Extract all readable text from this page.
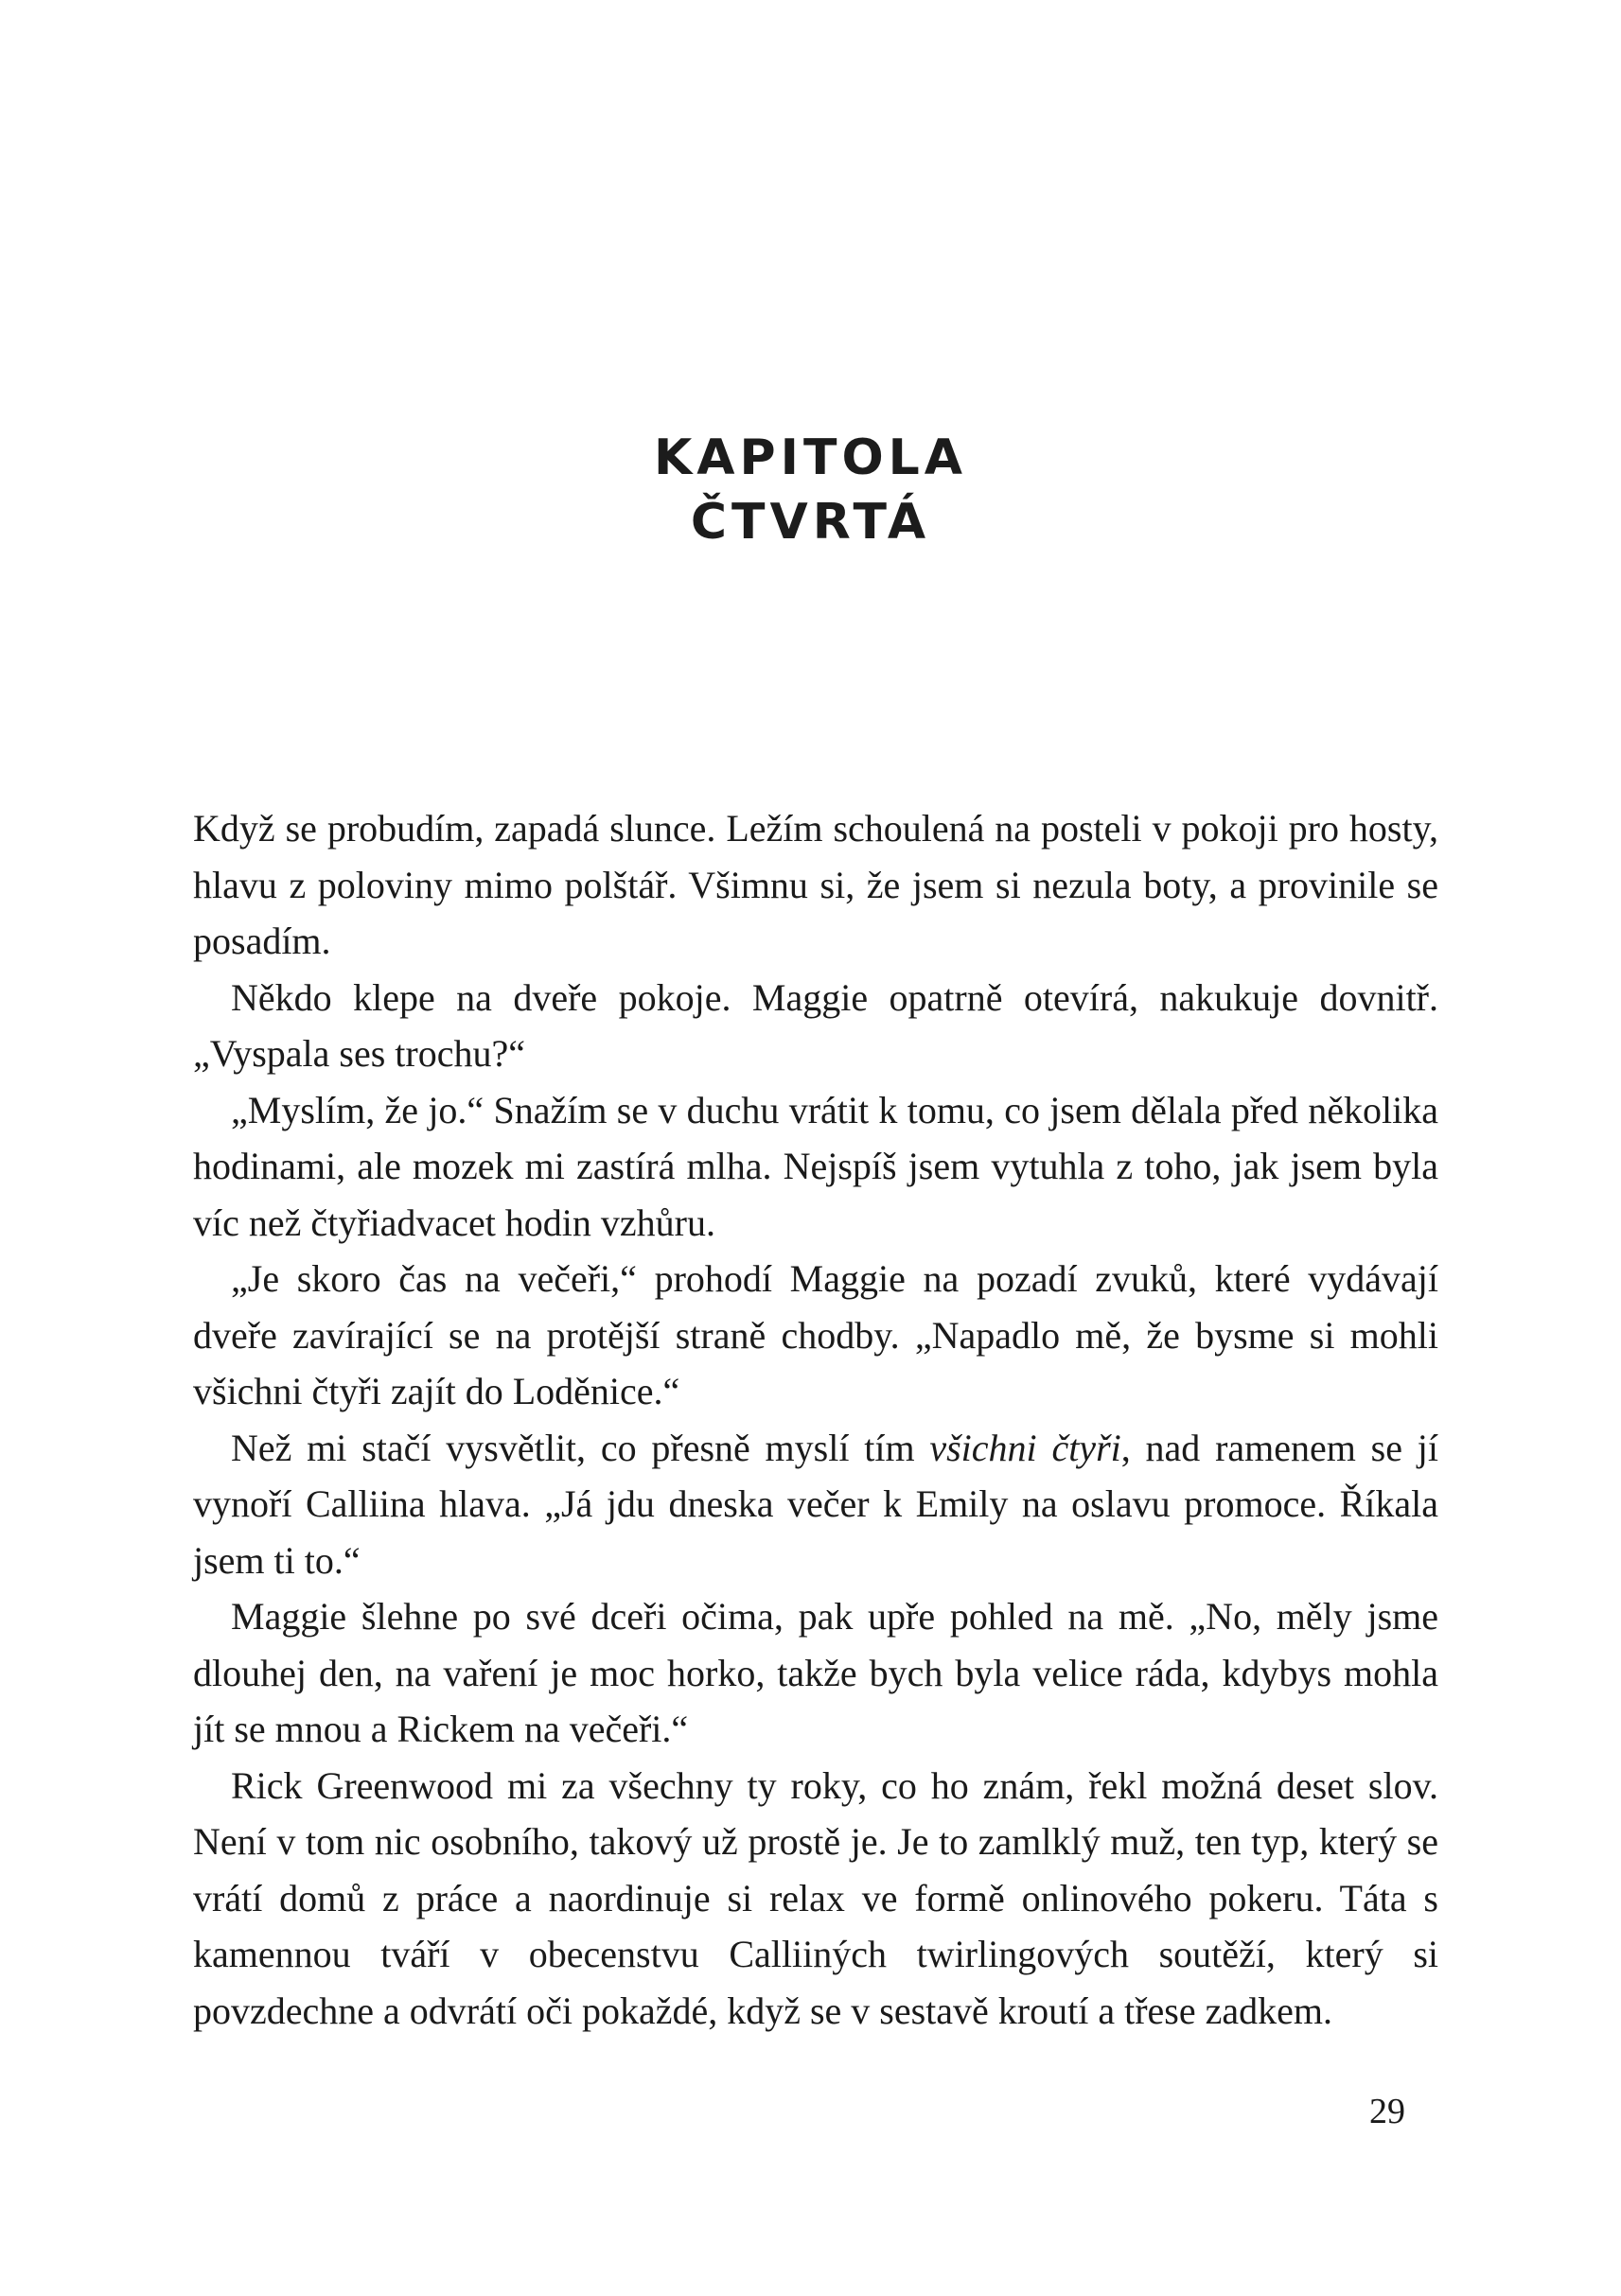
KAPITOLA
ČTVRTÁ

Když se probudím, zapadá slunce. Ležím schoulená na posteli v pokoji pro hosty, hlavu z poloviny mimo polštář. Všimnu si, že jsem si nezula boty, a provinile se posadím.

Někdo klepe na dveře pokoje. Maggie opatrně otevírá, nakukuje dovnitř. „Vyspala ses trochu?“

„Myslím, že jo.“ Snažím se v duchu vrátit k tomu, co jsem dělala před několika hodinami, ale mozek mi zastírá mlha. Nejspíš jsem vytuhla z toho, jak jsem byla víc než čtyřiadvacet hodin vzhůru.

„Je skoro čas na večeři,“ prohodí Maggie na pozadí zvuků, které vydávají dveře zavírající se na protější straně chodby. „Napadlo mě, že bysme si mohli všichni čtyři zajít do Loděnice.“

Než mi stačí vysvětlit, co přesně myslí tím všichni čtyři, nad ramenem se jí vynoří Calliina hlava. „Já jdu dneska večer k Emily na oslavu promoce. Říkala jsem ti to.“

Maggie šlehne po své dceři očima, pak upře pohled na mě. „No, měly jsme dlouhej den, na vaření je moc horko, takže bych byla velice ráda, kdybys mohla jít se mnou a Rickem na večeři.“

Rick Greenwood mi za všechny ty roky, co ho znám, řekl možná deset slov. Není v tom nic osobního, takový už prostě je. Je to zamlklý muž, ten typ, který se vrátí domů z práce a naordinuje si relax ve formě onlinového pokeru. Táta s kamennou tváří v obecenstvu Calliiných twirlingových soutěží, který si povzdechne a odvrátí oči pokaždé, když se v sestavě kroutí a třese zadkem.

29
